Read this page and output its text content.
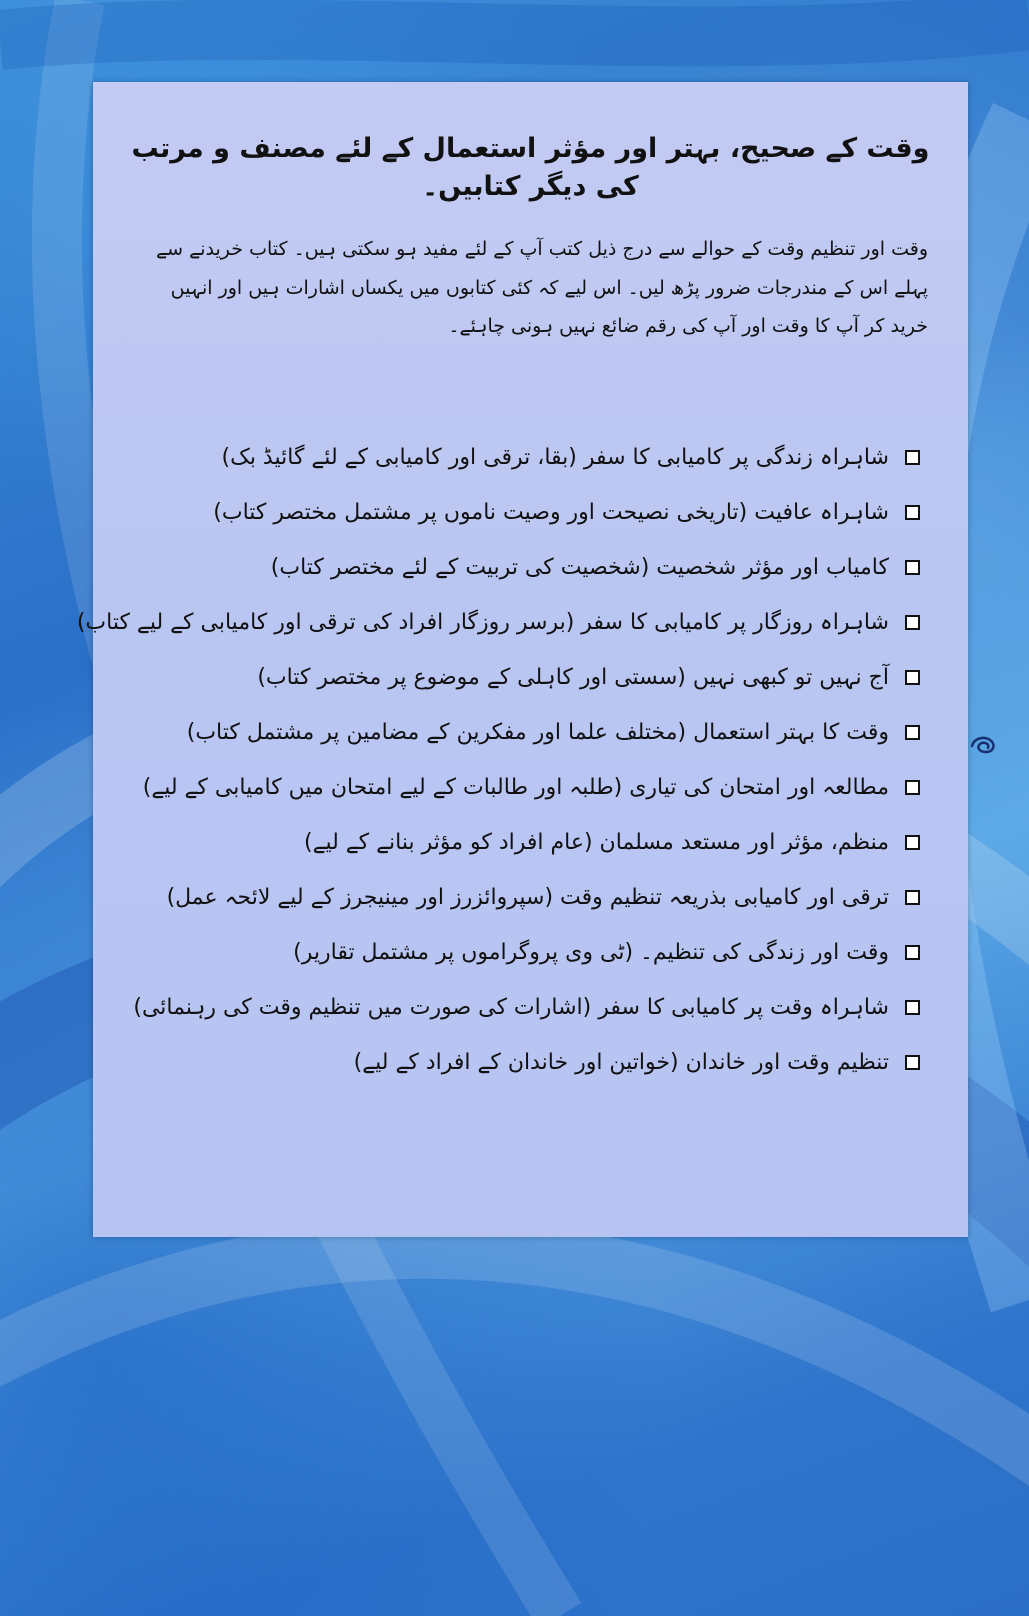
وقت کے صحیح، بہتر اور مؤثر استعمال کے لئے مصنف و مرتب کی دیگر کتابیں۔

وقت اور تنظیم وقت کے حوالے سے درج ذیل کتب آپ کے لئے مفید ہو سکتی ہیں۔ کتاب خریدنے سے پہلے اس کے مندرجات ضرور پڑھ لیں۔ اس لیے کہ کئی کتابوں میں یکساں اشارات ہیں اور انہیں خرید کر آپ کا وقت اور آپ کی رقم ضائع نہیں ہونی چاہئے۔

شاہراہ زندگی پر کامیابی کا سفر (بقا، ترقی اور کامیابی کے لئے گائیڈ بک)
شاہراہ عافیت (تاریخی نصیحت اور وصیت ناموں پر مشتمل مختصر کتاب)
کامیاب اور مؤثر شخصیت (شخصیت کی تربیت کے لئے مختصر کتاب)
شاہراہ روزگار پر کامیابی کا سفر (برسر روزگار افراد کی ترقی اور کامیابی کے لیے کتاب)
آج نہیں تو کبھی نہیں (سستی اور کاہلی کے موضوع پر مختصر کتاب)
وقت کا بہتر استعمال (مختلف علما اور مفکرین کے مضامین پر مشتمل کتاب)
مطالعہ اور امتحان کی تیاری (طلبہ اور طالبات کے لیے امتحان میں کامیابی کے لیے)
منظم، مؤثر اور مستعد مسلمان (عام افراد کو مؤثر بنانے کے لیے)
ترقی اور کامیابی بذریعہ تنظیم وقت (سپروائزرز اور مینیجرز کے لیے لائحہ عمل)
وقت اور زندگی کی تنظیم۔ (ٹی وی پروگراموں پر مشتمل تقاریر)
شاہراہ وقت پر کامیابی کا سفر (اشارات کی صورت میں تنظیم وقت کی رہنمائی)
تنظیم وقت اور خاندان (خواتین اور خاندان کے افراد کے لیے)
